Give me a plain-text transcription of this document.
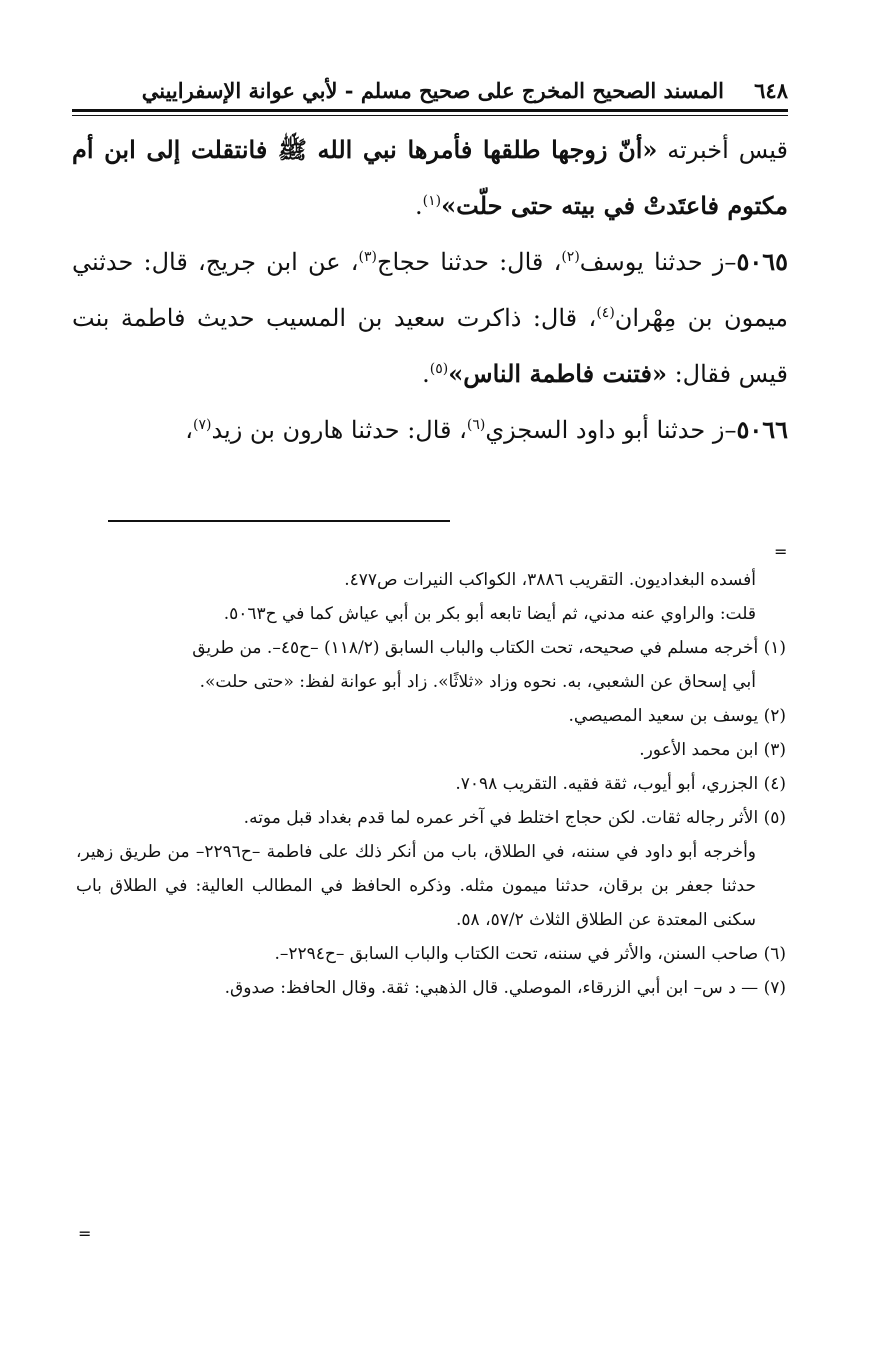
٦٤٨
المسند الصحيح المخرج على صحيح مسلم - لأبي عوانة الإسفراييني

قيس أخبرته «أنّ زوجها طلقها فأمرها نبي الله ﷺ فانتقلت إلى ابن أم مكتوم فاعتَدتْ في بيته حتى حلّت»$^{(١)}$.

٥٠٦٥–ز حدثنا يوسف$^{(٢)}$، قال: حدثنا حجاج$^{(٣)}$، عن ابن جريج، قال: حدثني ميمون بن مِهْران$^{(٤)}$، قال: ذاكرت سعيد بن المسيب حديث فاطمة بنت قيس فقال: «فتنت فاطمة الناس»$^{(٥)}$.

٥٠٦٦–ز حدثنا أبو داود السجزي$^{(٦)}$، قال: حدثنا هارون بن زيد$^{(٧)}$،

=

أفسده البغداديون. التقريب ٣٨٨٦، الكواكب النيرات ص٤٧٧.

قلت: والراوي عنه مدني، ثم أيضا تابعه أبو بكر بن أبي عياش كما في ح٥٠٦٣.

(١) أخرجه مسلم في صحيحه، تحت الكتاب والباب السابق (١١٨/٢) –ح٤٥–. من طريق

أبي إسحاق عن الشعبي، به. نحوه وزاد «ثلاثًا». زاد أبو عوانة لفظ: «حتى حلت».

(٢) يوسف بن سعيد المصيصي.

(٣) ابن محمد الأعور.

(٤) الجزري، أبو أيوب، ثقة فقيه. التقريب ٧٠٩٨.

(٥) الأثر رجاله ثقات. لكن حجاج اختلط في آخر عمره لما قدم بغداد قبل موته.

وأخرجه أبو داود في سننه، في الطلاق، باب من أنكر ذلك على فاطمة –ح٢٢٩٦– من طريق زهير، حدثنا جعفر بن برقان، حدثنا ميمون مثله. وذكره الحافظ في المطالب العالية: في الطلاق باب سكنى المعتدة عن الطلاق الثلاث ٥٧/٢، ٥٨.

(٦) صاحب السنن، والأثر في سننه، تحت الكتاب والباب السابق –ح٢٢٩٤–.

(٧) — د س– ابن أبي الزرقاء، الموصلي. قال الذهبي: ثقة. وقال الحافظ: صدوق.

=
